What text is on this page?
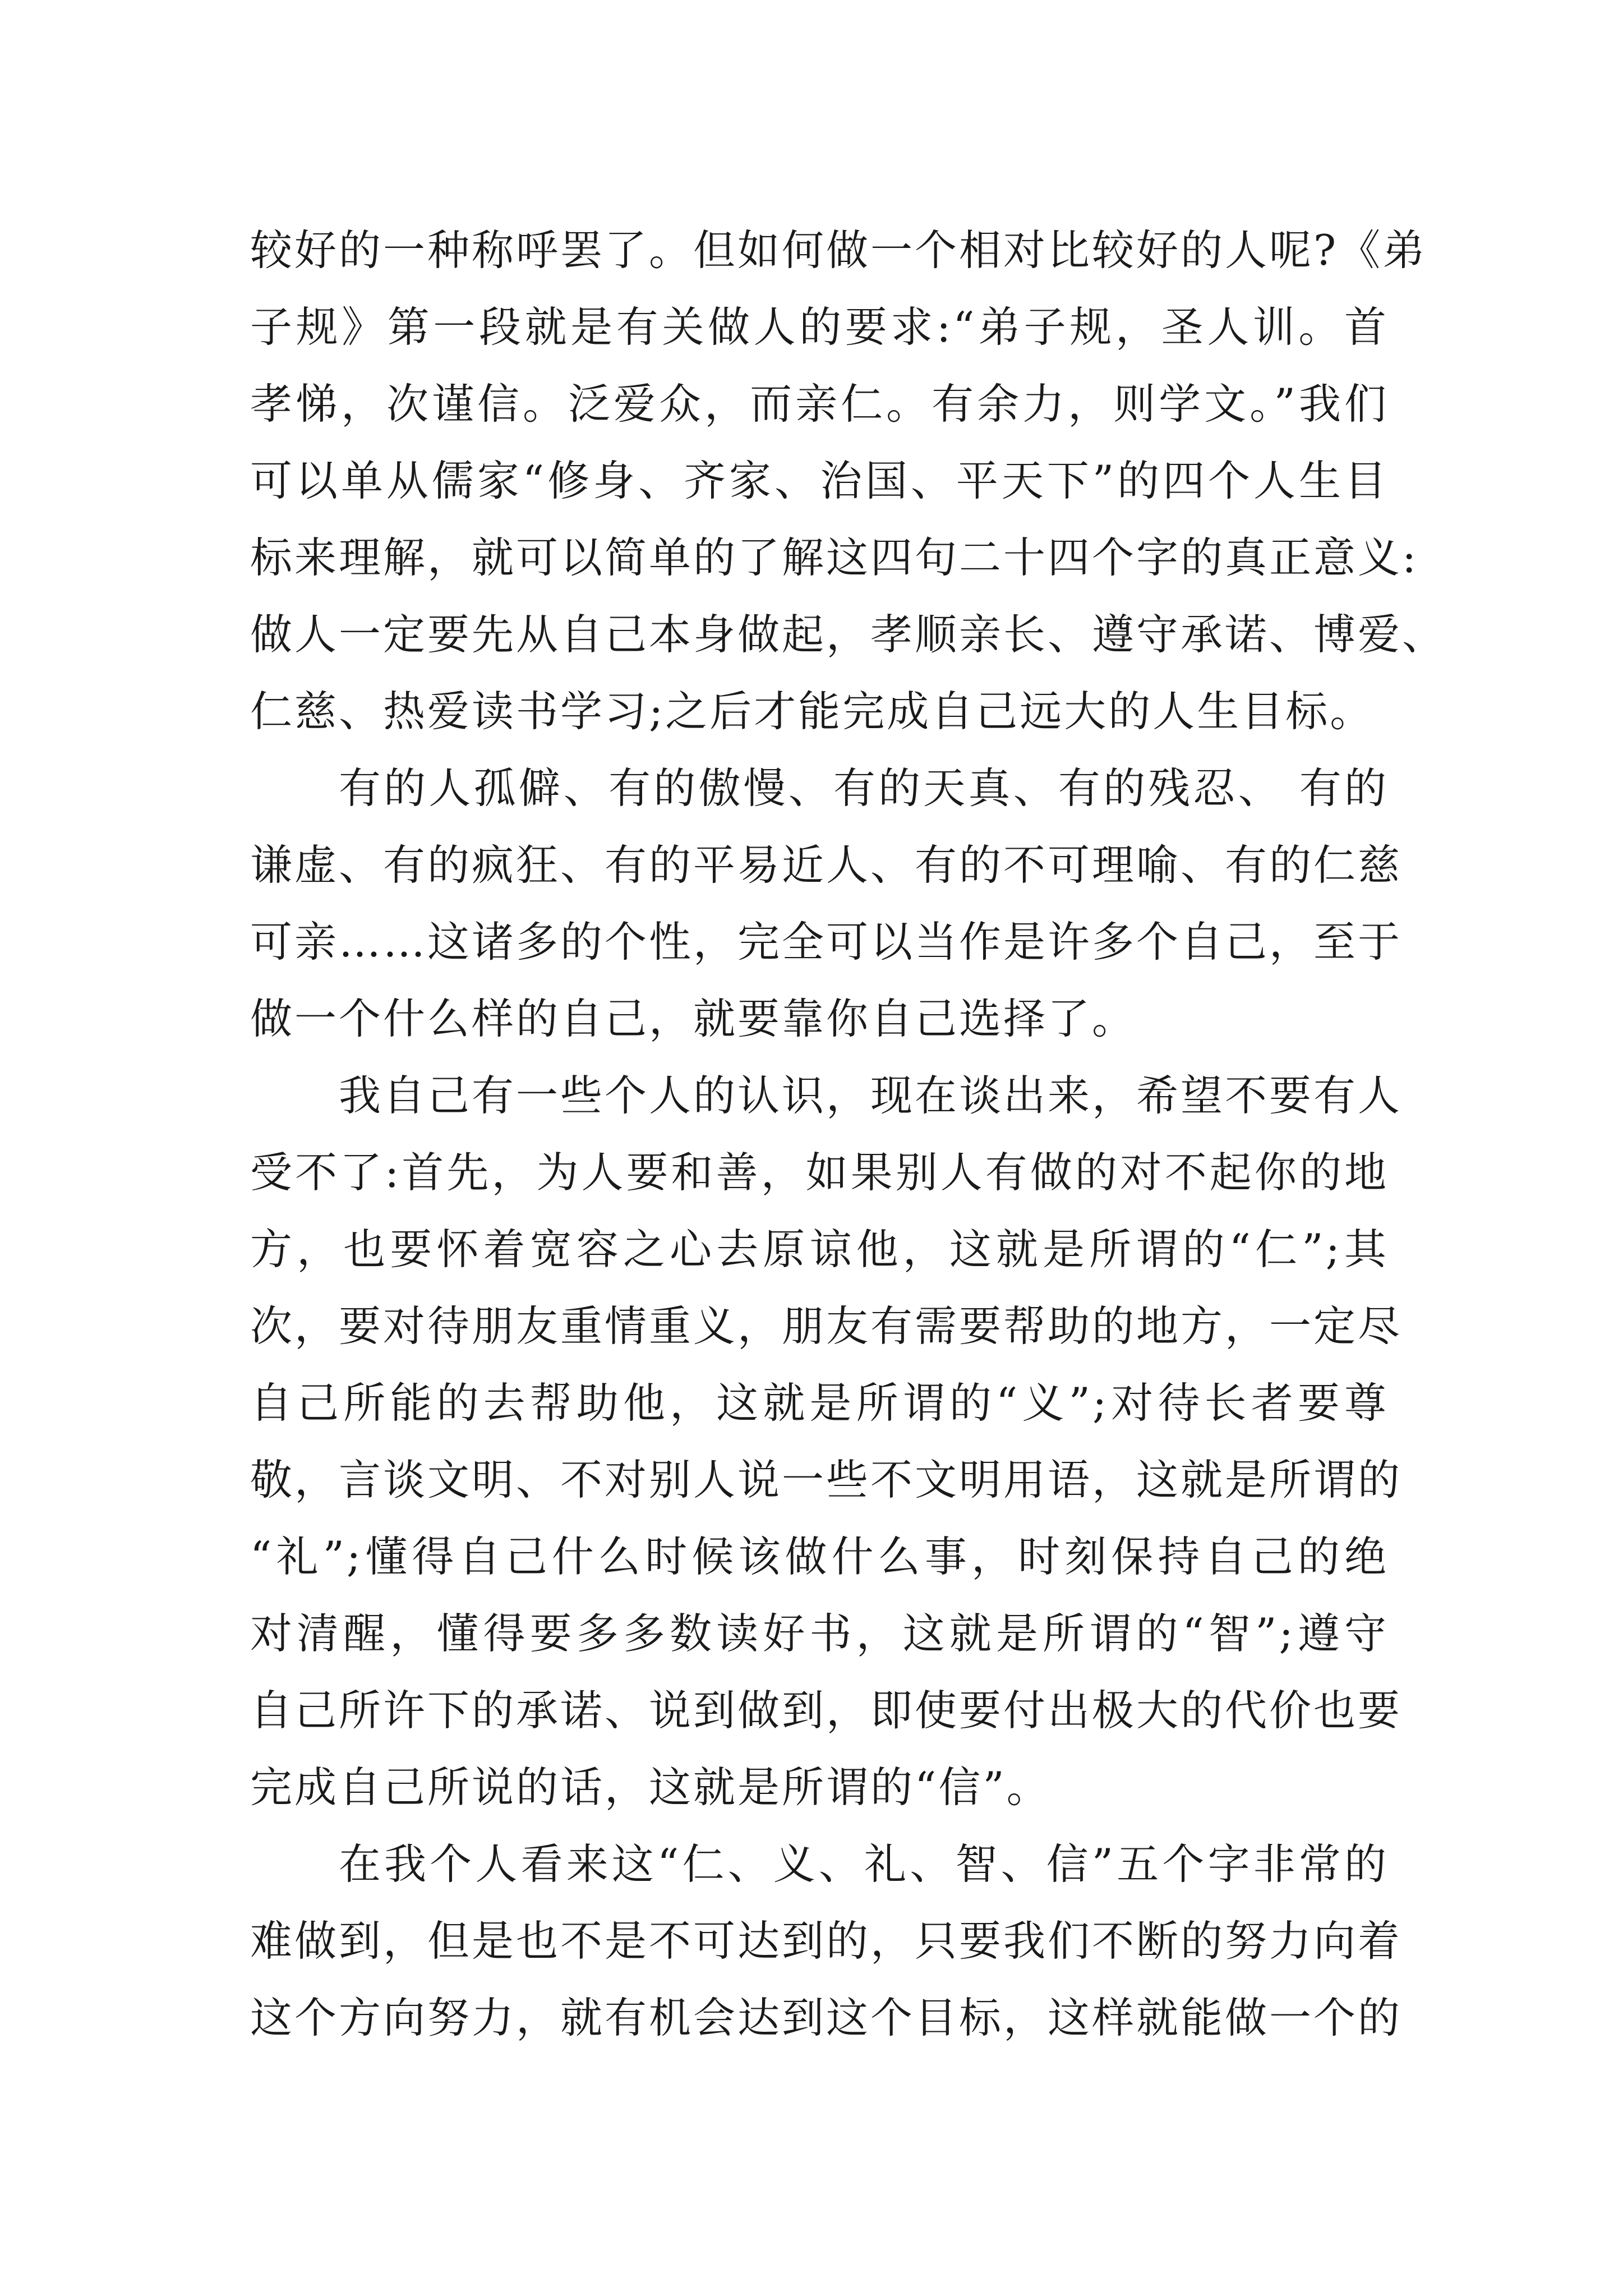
较好的一种称呼罢了。但如何做一个相对比较好的人呢?《弟
子规》第一段就是有关做人的要求:“弟子规，圣人训。首
孝悌，次谨信。泛爱众，而亲仁。有余力，则学文。”我们
可以单从儒家“修身、齐家、治国、平天下”的四个人生目
标来理解，就可以简单的了解这四句二十四个字的真正意义:
做人一定要先从自己本身做起，孝顺亲长、遵守承诺、博爱、
仁慈、热爱读书学习;之后才能完成自己远大的人生目标。

有的人孤僻、有的傲慢、有的天真、有的残忍、 有的
谦虚、有的疯狂、有的平易近人、有的不可理喻、有的仁慈
可亲……这诸多的个性，完全可以当作是许多个自己，至于
做一个什么样的自己，就要靠你自己选择了。

我自己有一些个人的认识，现在谈出来，希望不要有人
受不了:首先，为人要和善，如果别人有做的对不起你的地
方，也要怀着宽容之心去原谅他，这就是所谓的“仁”;其
次，要对待朋友重情重义，朋友有需要帮助的地方，一定尽
自己所能的去帮助他，这就是所谓的“义”;对待长者要尊
敬，言谈文明、不对别人说一些不文明用语，这就是所谓的
“礼”;懂得自己什么时候该做什么事，时刻保持自己的绝
对清醒，懂得要多多数读好书，这就是所谓的“智”;遵守
自己所许下的承诺、说到做到，即使要付出极大的代价也要
完成自己所说的话，这就是所谓的“信”。

在我个人看来这“仁、义、礼、智、信”五个字非常的
难做到，但是也不是不可达到的，只要我们不断的努力向着
这个方向努力，就有机会达到这个目标，这样就能做一个的
